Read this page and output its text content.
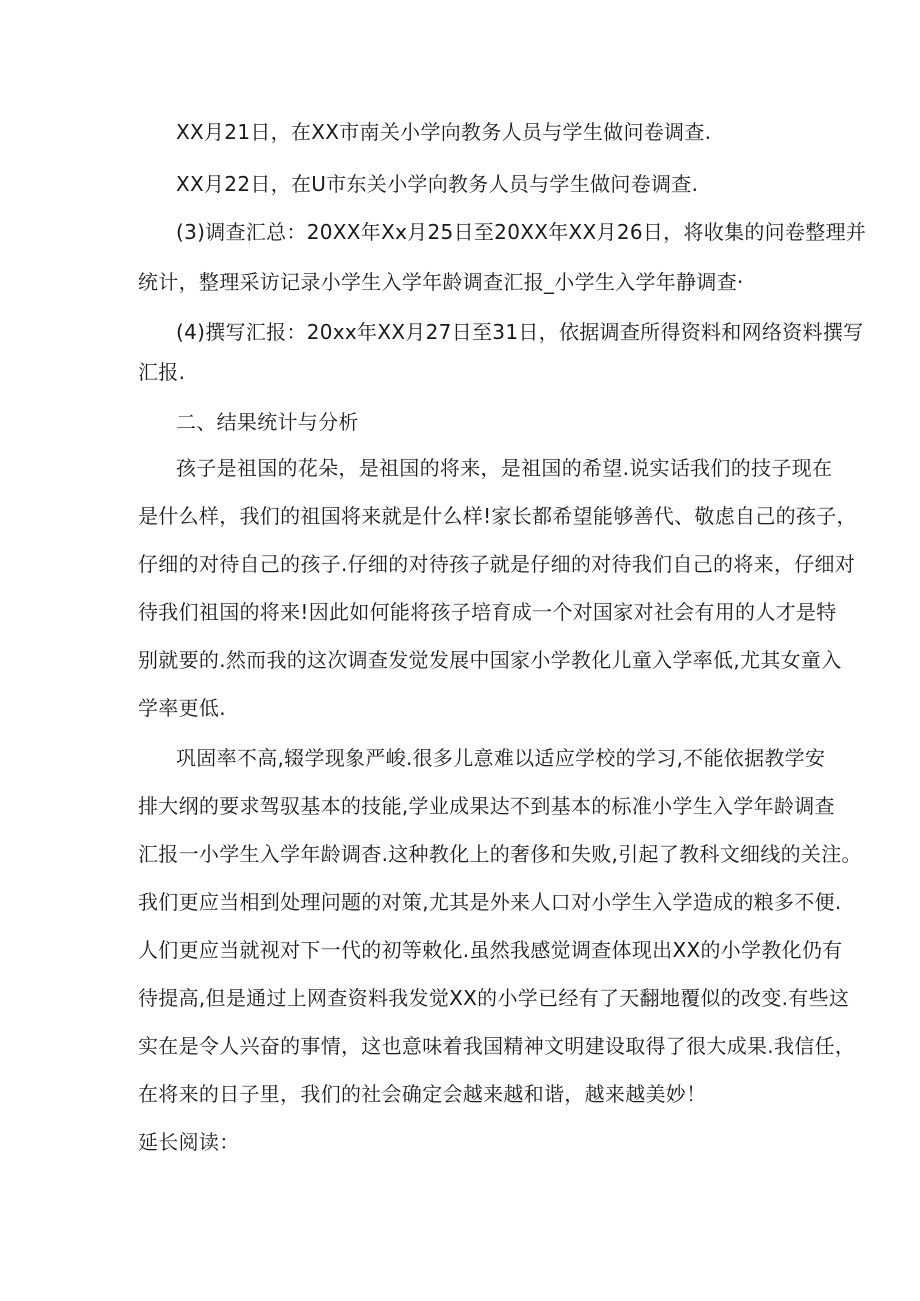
XX月21日，在XX市南关小学向教务人员与学生做问卷调查.

XX月22日，在U市东关小学向教务人员与学生做问卷调查.

(3)调查汇总：20XX年Xx月25日至20XX年XX月26日，将收集的问卷整理并

统计，整理采访记录小学生入学年龄调查汇报_小学生入学年静调查·

(4)撰写汇报：20xx年XX月27日至31日，依据调查所得资料和网络资料撰写

汇报.

二、结果统计与分析

孩子是祖国的花朵，是祖国的将来，是祖国的希望.说实话我们的技子现在

是什么样，我们的祖国将来就是什么样!家长都希望能够善代、敬虑自己的孩子，

仔细的对待自己的孩子.仔细的对待孩子就是仔细的对待我们自己的将来，仔细对

待我们祖国的将来!因此如何能将孩子培育成一个对国家对社会有用的人才是特

别就要的.然而我的这次调查发觉发展中国家小学教化儿童入学率低,尤其女童入

学率更低.

巩固率不高,辍学现象严峻.很多儿意难以适应学校的学习,不能依据教学安

排大纲的要求驾驭基本的技能,学业成果达不到基本的标准小学生入学年龄调查

汇报一小学生入学年龄调杳.这种教化上的奢侈和失败,引起了教科文细线的关注。

我们更应当相到处理问题的对策,尤其是外来人口对小学生入学造成的粮多不便.

人们更应当就视对下一代的初等敕化.虽然我感觉调查体现出XX的小学教化仍有

待提高,但是通过上网查资料我发觉XX的小学已经有了天翻地覆似的改变.有些这

实在是令人兴奋的事情，这也意味着我国精神文明建设取得了很大成果.我信任，

在将来的日子里，我们的社会确定会越来越和谐，越来越美妙！

延长阅读：
